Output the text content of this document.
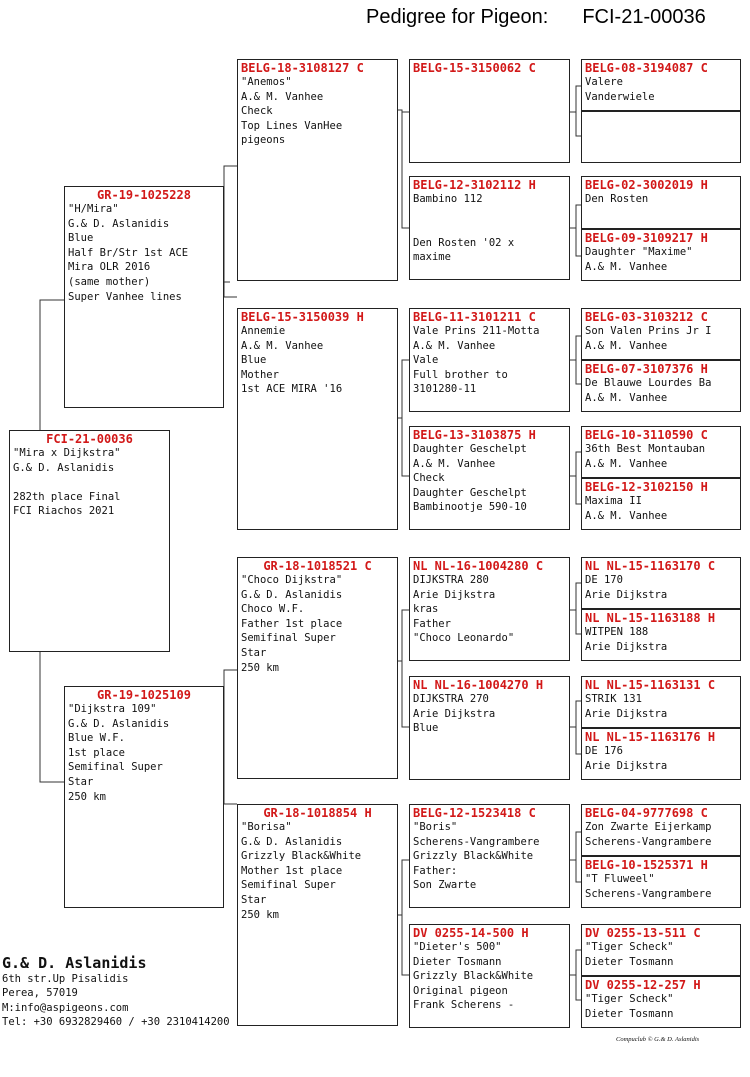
Pedigree for Pigeon: FCI-21-00036
FCI-21-00036
"Mira x Dijkstra"
G.& D. Aslanidis
282th place Final
FCI Riachos 2021
GR-19-1025228
"H/Mira"
G.& D. Aslanidis
Blue
Half Br/Str 1st ACE
Mira OLR 2016
(same mother)
Super Vanhee lines
GR-19-1025109
"Dijkstra 109"
G.& D. Aslanidis
Blue W.F.
1st place
Semifinal Super
Star
250 km
BELG-18-3108127 C
"Anemos"
A.& M. Vanhee
Check
Top Lines VanHee
pigeons
BELG-15-3150039 H
Annemie
A.& M. Vanhee
Blue
Mother
1st ACE MIRA '16
GR-18-1018521 C
"Choco Dijkstra"
G.& D. Aslanidis
Choco W.F.
Father 1st place
Semifinal Super
Star
250 km
GR-18-1018854 H
"Borisa"
G.& D. Aslanidis
Grizzly Black&White
Mother 1st place
Semifinal Super
Star
250 km
BELG-15-3150062 C
BELG-12-3102112 H
Bambino 112
Den Rosten '02 x
maxime
BELG-11-3101211 C
Vale Prins 211-Motta
A.& M. Vanhee
Vale
Full brother to
3101280-11
BELG-13-3103875 H
Daughter Geschelpt
A.& M. Vanhee
Check
Daughter Geschelpt
Bambinootje 590-10
NL NL-16-1004280 C
DIJKSTRA 280
Arie Dijkstra
kras
Father
"Choco Leonardo"
NL NL-16-1004270 H
DIJKSTRA 270
Arie Dijkstra
Blue
BELG-12-1523418 C
"Boris"
Scherens-Vangrambere
Grizzly Black&White
Father:
Son Zwarte
DV 0255-14-500 H
"Dieter's 500"
Dieter Tosmann
Grizzly Black&White
Original pigeon
Frank Scherens -
BELG-08-3194087 C
Valere
Vanderwiele
BELG-02-3002019 H
Den Rosten
BELG-09-3109217 H
Daughter "Maxime"
A.& M. Vanhee
BELG-03-3103212 C
Son Valen Prins Jr I
A.& M. Vanhee
BELG-07-3107376 H
De Blauwe Lourdes Ba
A.& M. Vanhee
BELG-10-3110590 C
36th Best Montauban
A.& M. Vanhee
BELG-12-3102150 H
Maxima II
A.& M. Vanhee
NL NL-15-1163170 C
DE 170
Arie Dijkstra
NL NL-15-1163188 H
WITPEN 188
Arie Dijkstra
NL NL-15-1163131 C
STRIK 131
Arie Dijkstra
NL NL-15-1163176 H
DE 176
Arie Dijkstra
BELG-04-9777698 C
Zon Zwarte Eijerkamp
Scherens-Vangrambere
BELG-10-1525371 H
"T Fluweel"
Scherens-Vangrambere
DV 0255-13-511 C
"Tiger Scheck"
Dieter Tosmann
DV 0255-12-257 H
"Tiger Scheck"
Dieter Tosmann
G.& D. Aslanidis
6th str.Up Pisalidis
Perea, 57019
M:info@aspigeons.com
Tel: +30 6932829460 / +30 2310414200
Compuclub © G.& D. Aslanidis
